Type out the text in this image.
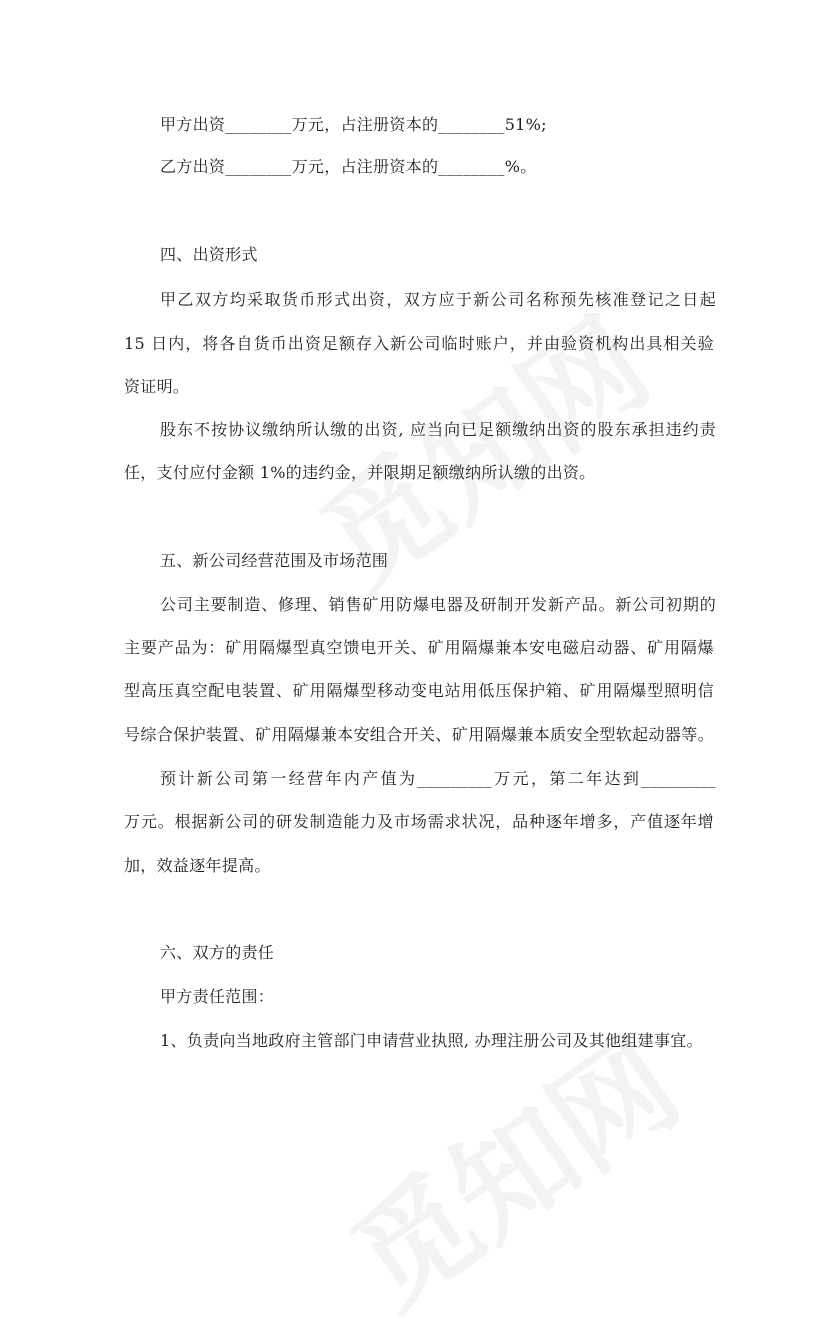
甲方出资________万元，占注册资本的________51%;
乙方出资________万元，占注册资本的________%。
四、出资形式
甲乙双方均采取货币形式出资，双方应于新公司名称预先核准登记之日起
15 日内，将各自货币出资足额存入新公司临时账户，并由验资机构出具相关验
资证明。
股东不按协议缴纳所认缴的出资, 应当向已足额缴纳出资的股东承担违约责
任，支付应付金额 1%的违约金，并限期足额缴纳所认缴的出资。
五、新公司经营范围及市场范围
公司主要制造、修理、销售矿用防爆电器及研制开发新产品。新公司初期的
主要产品为：矿用隔爆型真空馈电开关、矿用隔爆兼本安电磁启动器、矿用隔爆
型高压真空配电装置、矿用隔爆型移动变电站用低压保护箱、矿用隔爆型照明信
号综合保护装置、矿用隔爆兼本安组合开关、矿用隔爆兼本质安全型软起动器等。
预计新公司第一经营年内产值为_________万元，第二年达到_________
万元。根据新公司的研发制造能力及市场需求状况，品种逐年增多，产值逐年增
加，效益逐年提高。
六、双方的责任
甲方责任范围：
1、负责向当地政府主管部门申请营业执照, 办理注册公司及其他组建事宜。
